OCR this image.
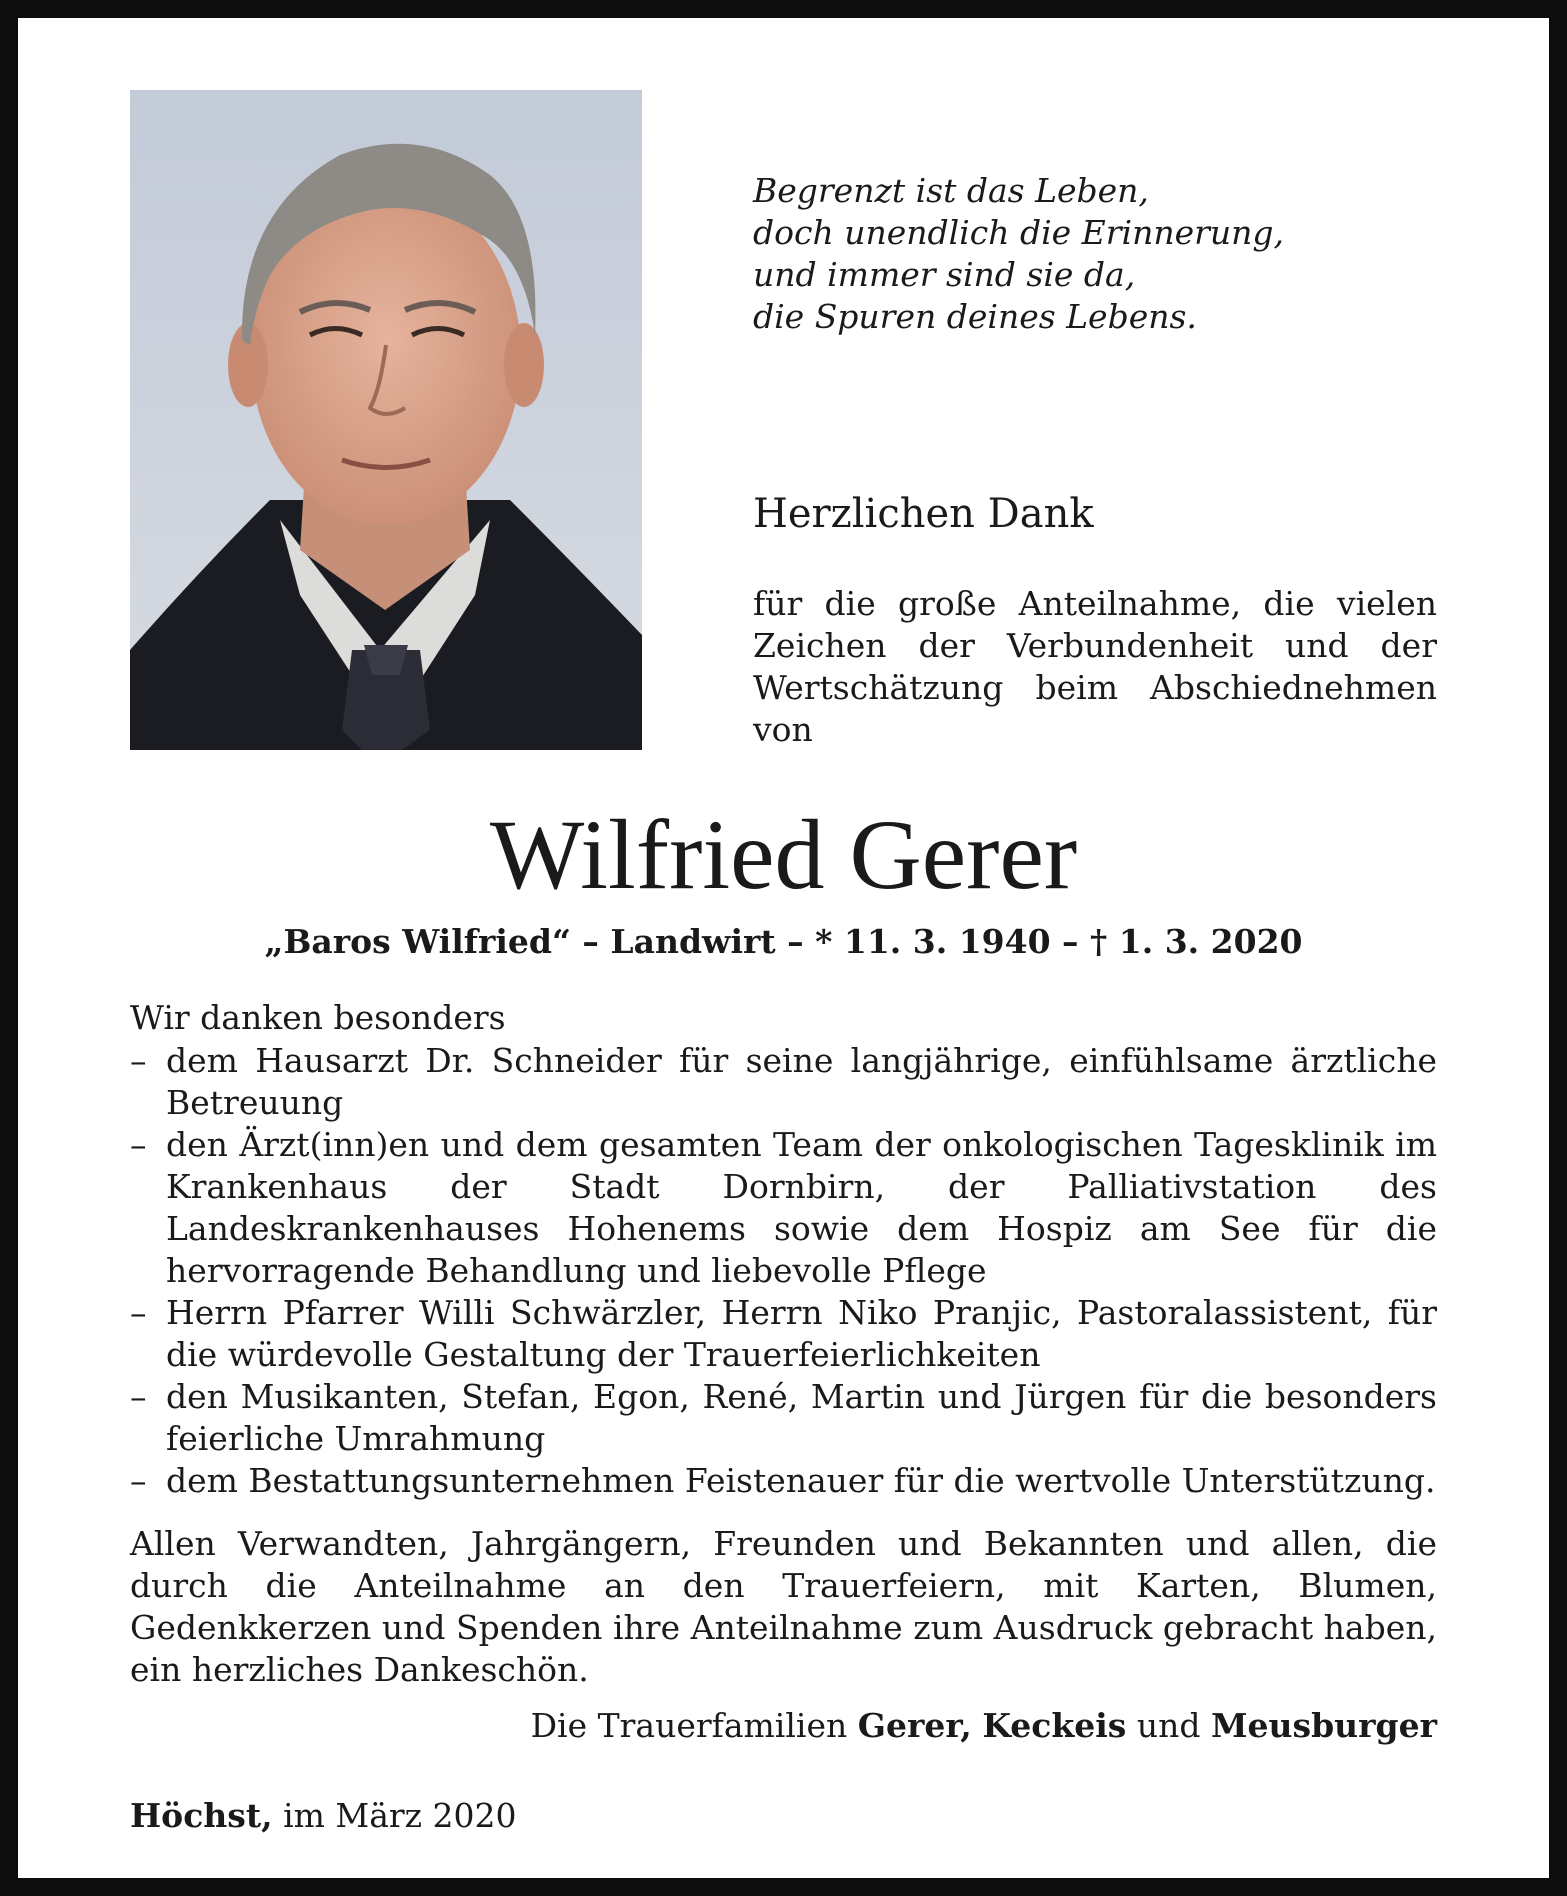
Begrenzt ist das Leben,
doch unendlich die Erinnerung,
und immer sind sie da,
die Spuren deines Lebens.
Herzlichen Dank

für die große Anteilnahme, die vielen Zeichen der Verbundenheit und der Wertschätzung beim Abschiednehmen von

Wilfried Gerer

„Baros Wilfried“ – Landwirt – * 11. 3. 1940 – † 1. 3. 2020

Wir danken besonders

– dem Hausarzt Dr. Schneider für seine langjährige, einfühlsame ärztliche Betreuung
– den Ärzt(inn)en und dem gesamten Team der onkologischen Tagesklinik im Krankenhaus der Stadt Dornbirn, der Palliativstation des Landeskrankenhauses Hohenems sowie dem Hospiz am See für die hervorragende Behandlung und liebevolle Pflege
– Herrn Pfarrer Willi Schwärzler, Herrn Niko Pranjic, Pastoralassistent, für die würdevolle Gestaltung der Trauerfeierlichkeiten
– den Musikanten, Stefan, Egon, René, Martin und Jürgen für die besonders feierliche Umrahmung
– dem Bestattungsunternehmen Feistenauer für die wertvolle Unterstützung.

Allen Verwandten, Jahrgängern, Freunden und Bekannten und allen, die durch die Anteilnahme an den Trauerfeiern, mit Karten, Blumen, Gedenkkerzen und Spenden ihre Anteilnahme zum Ausdruck gebracht haben, ein herzliches Dankeschön.

Die Trauerfamilien Gerer, Keckeis und Meusburger

Höchst, im März 2020
